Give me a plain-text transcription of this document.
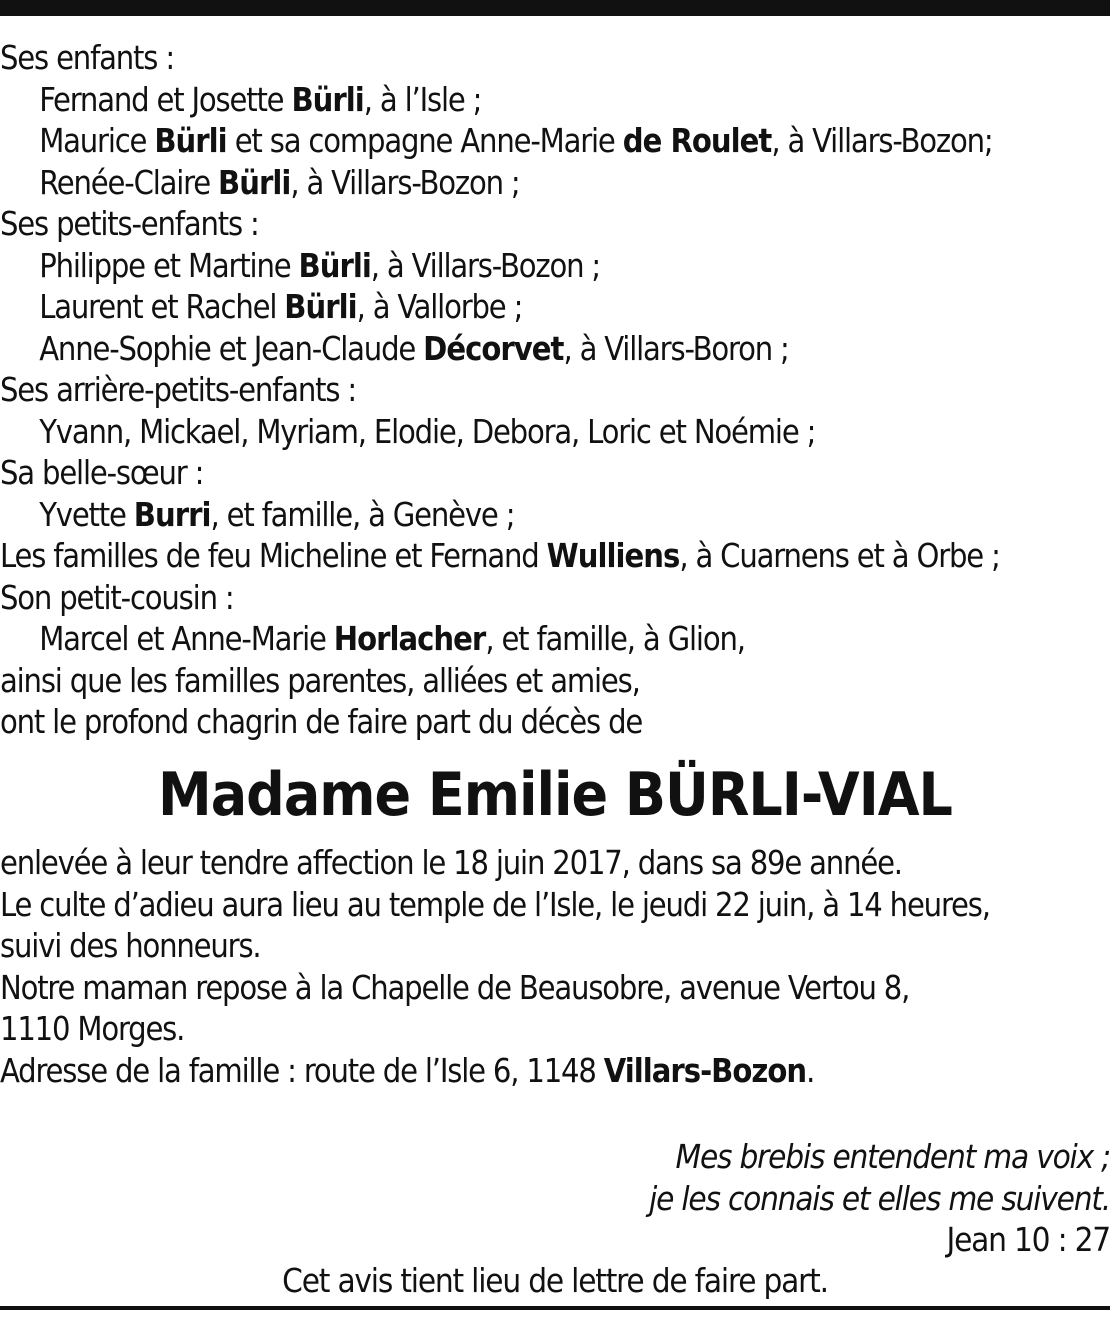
Ses enfants :
Fernand et Josette Bürli, à l’Isle ;
Maurice Bürli et sa compagne Anne-Marie de Roulet, à Villars-Bozon;
Renée-Claire Bürli, à Villars-Bozon ;
Ses petits-enfants :
Philippe et Martine Bürli, à Villars-Bozon ;
Laurent et Rachel Bürli, à Vallorbe ;
Anne-Sophie et Jean-Claude Décorvet, à Villars-Boron ;
Ses arrière-petits-enfants :
Yvann, Mickael, Myriam, Elodie, Debora, Loric et Noémie ;
Sa belle-sœur :
Yvette Burri, et famille, à Genève ;
Les familles de feu Micheline et Fernand Wulliens, à Cuarnens et à Orbe ;
Son petit-cousin :
Marcel et Anne-Marie Horlacher, et famille, à Glion,
ainsi que les familles parentes, alliées et amies,
ont le profond chagrin de faire part du décès de
Madame Emilie BÜRLI-VIAL
enlevée à leur tendre affection le 18 juin 2017, dans sa 89e année.
Le culte d’adieu aura lieu au temple de l’Isle, le jeudi 22 juin, à 14 heures,
suivi des honneurs.
Notre maman repose à la Chapelle de Beausobre, avenue Vertou 8,
1110 Morges.
Adresse de la famille : route de l’Isle 6, 1148 Villars-Bozon.
Mes brebis entendent ma voix ;
je les connais et elles me suivent.
Jean 10 : 27
Cet avis tient lieu de lettre de faire part.
